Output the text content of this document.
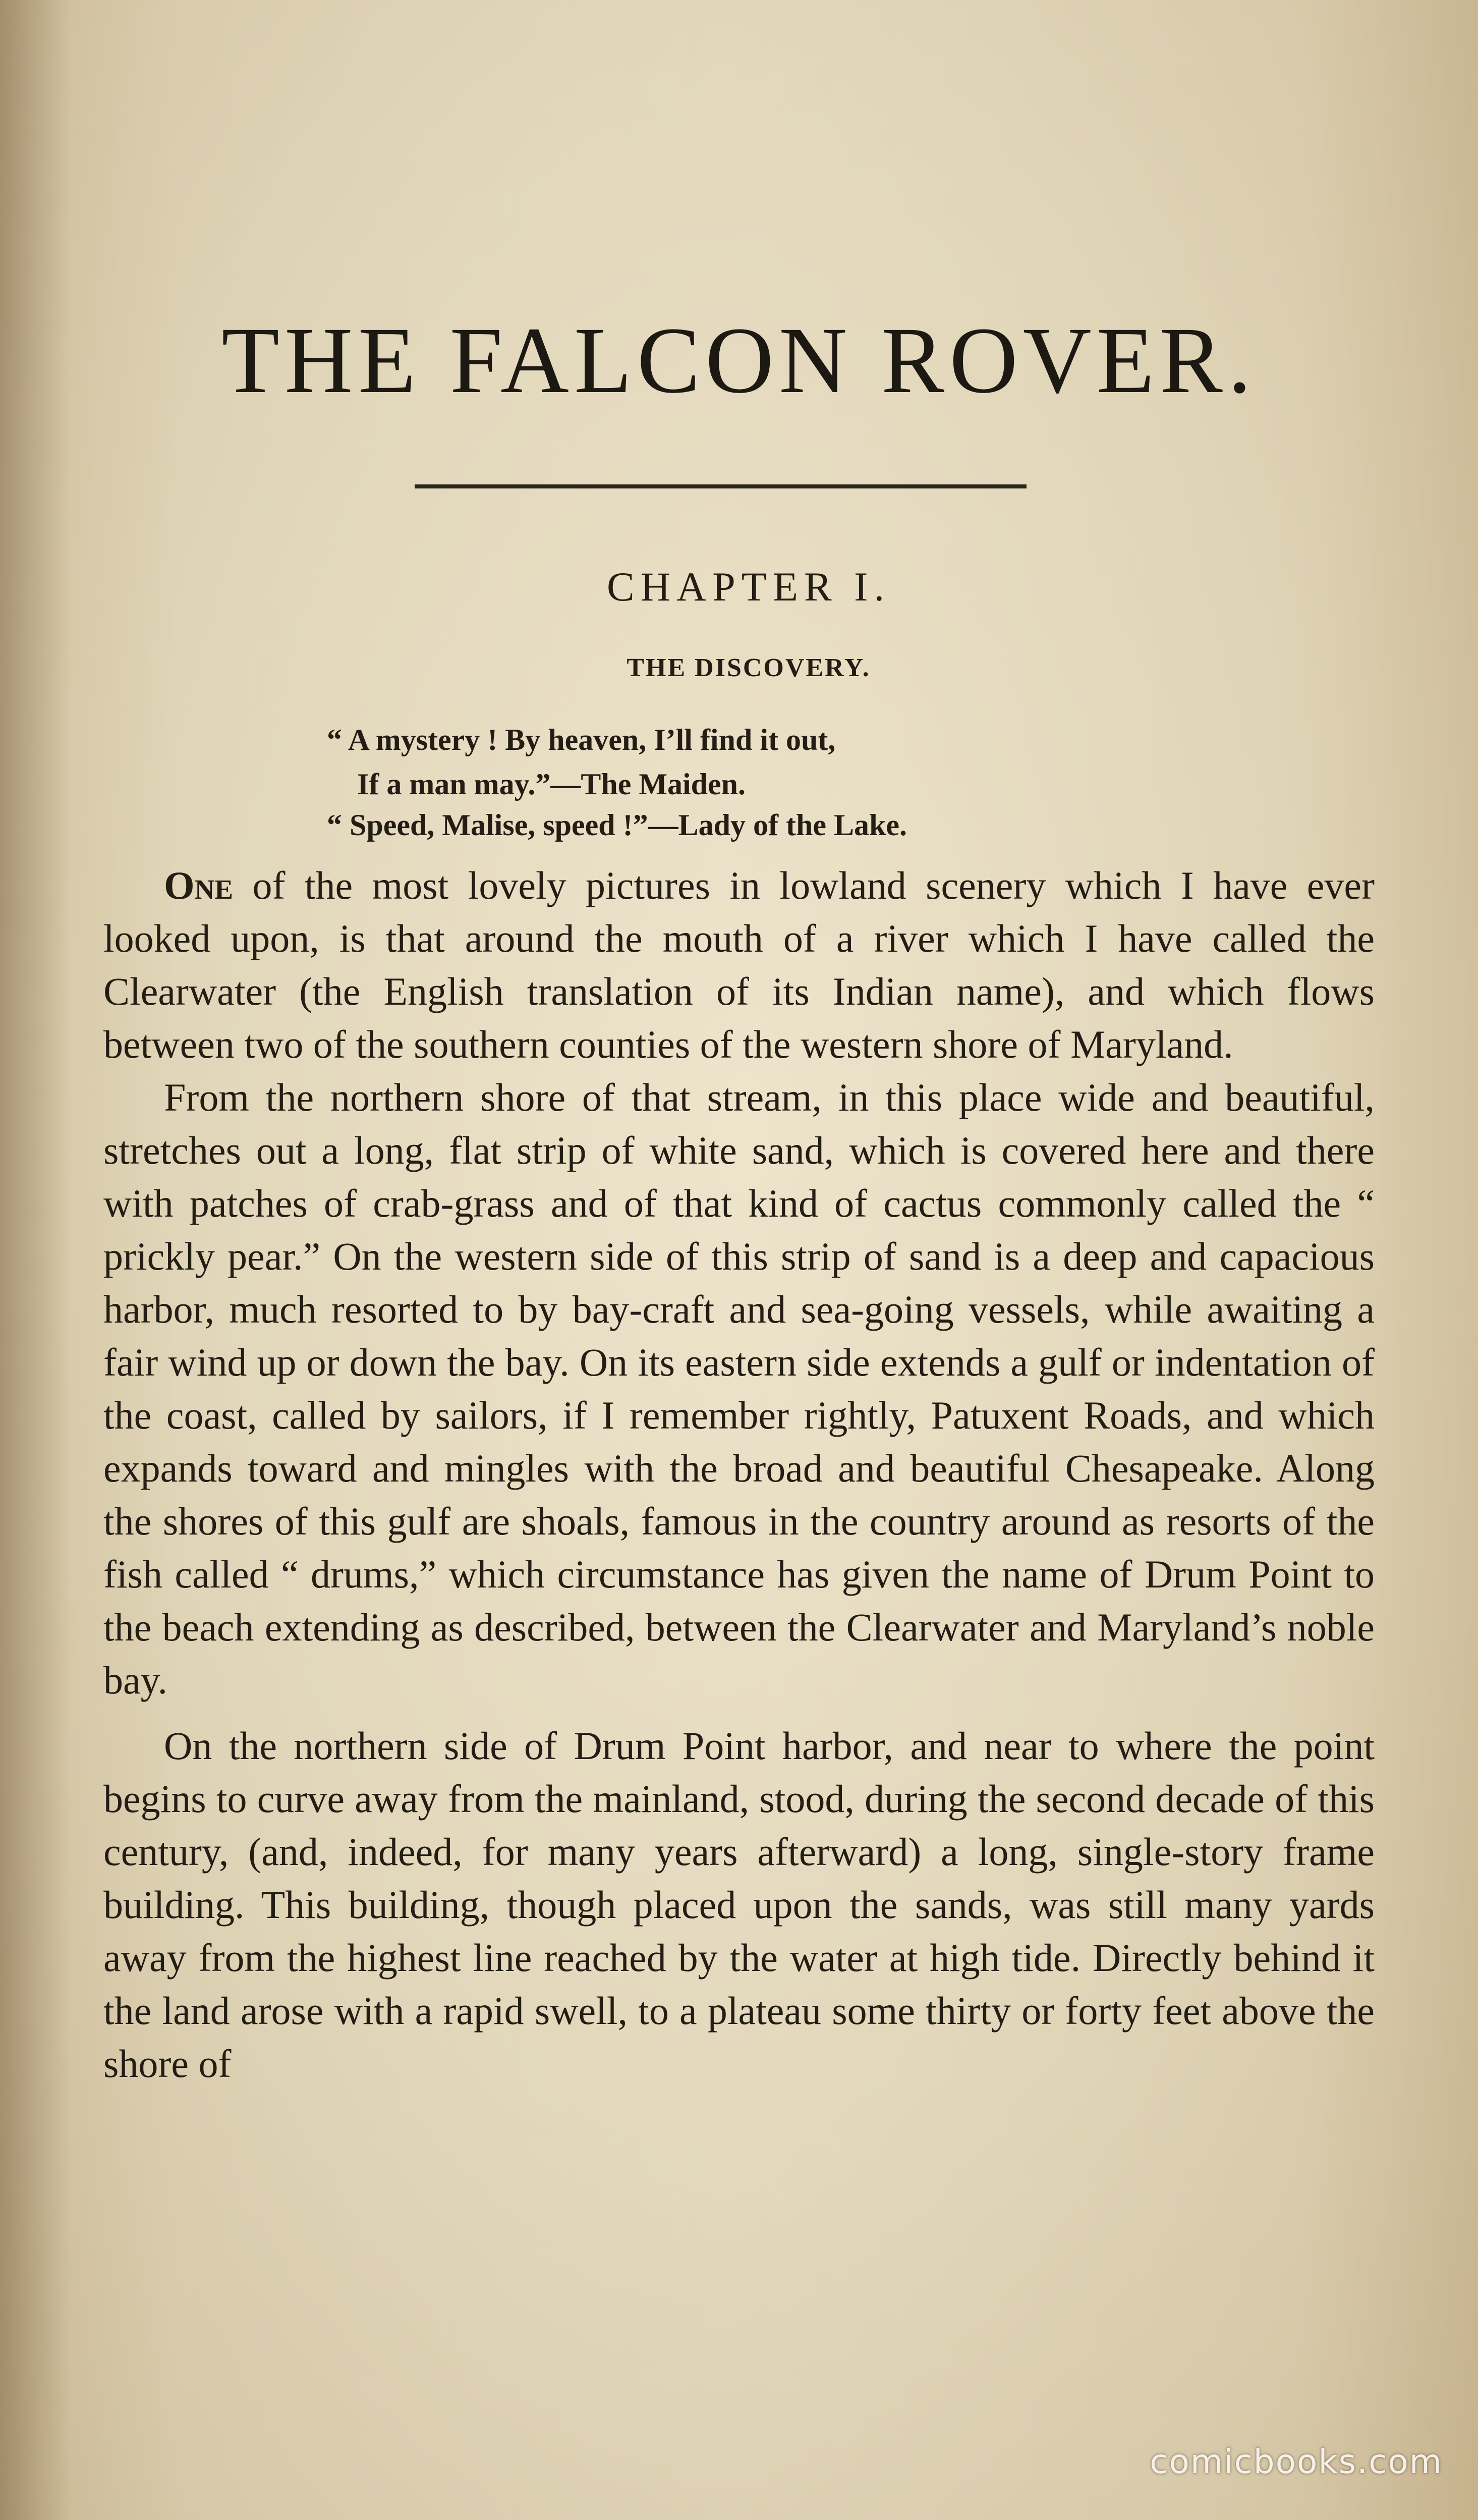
THE FALCON ROVER.
CHAPTER I.
THE DISCOVERY.
“ A mystery ! By heaven, I’ll find it out,
If a man may.”—The Maiden.
“ Speed, Malise, speed !”—Lady of the Lake.

One of the most lovely pictures in lowland scenery which I have ever looked upon, is that around the mouth of a river which I have called the Clearwater (the English translation of its Indian name), and which flows between two of the southern counties of the western shore of Maryland.

From the northern shore of that stream, in this place wide and beautiful, stretches out a long, flat strip of white sand, which is covered here and there with patches of crab-grass and of that kind of cactus commonly called the “ prickly pear.” On the western side of this strip of sand is a deep and capacious harbor, much resorted to by bay-craft and sea-going vessels, while awaiting a fair wind up or down the bay. On its eastern side extends a gulf or indentation of the coast, called by sailors, if I remember rightly, Patuxent Roads, and which expands toward and mingles with the broad and beautiful Chesapeake. Along the shores of this gulf are shoals, famous in the country around as resorts of the fish called “ drums,” which circumstance has given the name of Drum Point to the beach extending as described, between the Clearwater and Maryland’s noble bay.

On the northern side of Drum Point harbor, and near to where the point begins to curve away from the mainland, stood, during the second decade of this century, (and, indeed, for many years afterward) a long, single-story frame building. This building, though placed upon the sands, was still many yards away from the highest line reached by the water at high tide. Directly behind it the land arose with a rapid swell, to a plateau some thirty or forty feet above the shore of

comicbooks.com
